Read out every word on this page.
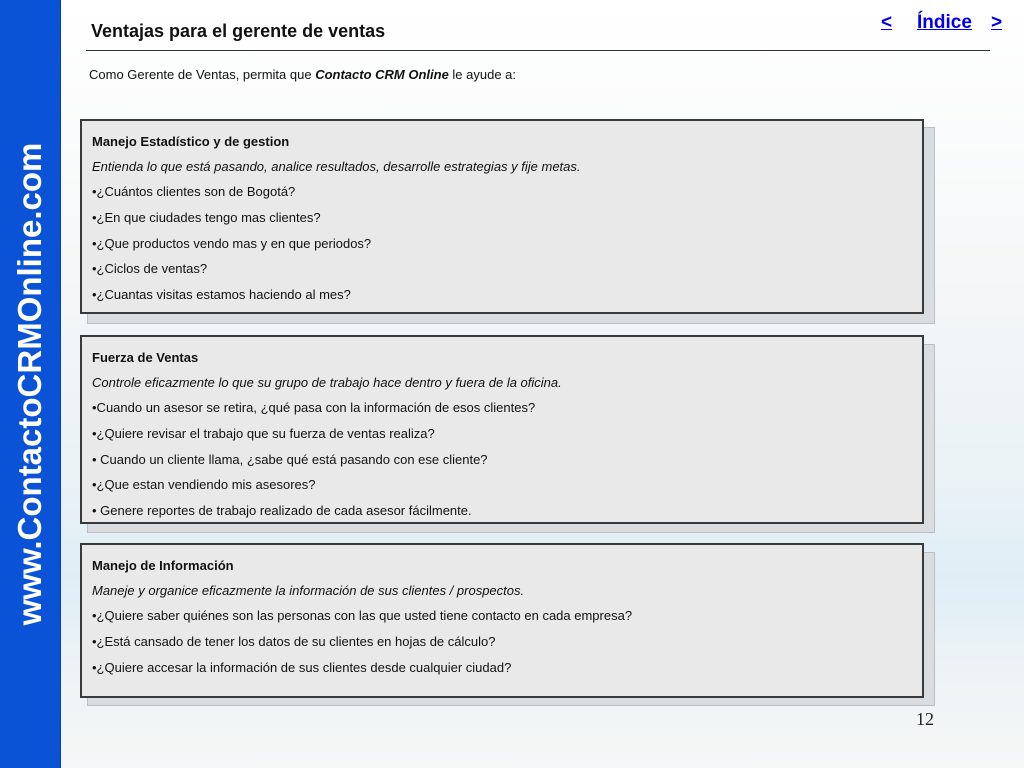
www.ContactoCRMOnline.com
Ventajas para el gerente de ventas	< Índice >
Como Gerente de Ventas, permita que Contacto CRM Online le ayude a:

Manejo Estadístico y de gestion

Entienda lo que está pasando, analice resultados, desarrolle estrategias y fije metas.

•¿Cuántos clientes son de Bogotá?
•¿En que ciudades tengo mas clientes?
•¿Que productos vendo mas y en que periodos?
•¿Ciclos de ventas?
•¿Cuantas visitas estamos haciendo al mes?

Fuerza de Ventas

Controle eficazmente lo que su grupo de trabajo hace dentro y fuera de la oficina.

•Cuando un asesor se retira, ¿qué pasa con la información de esos clientes?
•¿Quiere revisar el trabajo que su fuerza de ventas realiza?
• Cuando un cliente llama, ¿sabe qué está pasando con ese cliente?
•¿Que estan vendiendo mis asesores?
• Genere reportes de trabajo realizado de cada asesor fácilmente.

Manejo de Información

Maneje y organice eficazmente la información de sus clientes / prospectos.

•¿Quiere saber quiénes son las personas con las que usted tiene contacto en cada empresa?
•¿Está cansado de tener los datos de su clientes en hojas de cálculo?
•¿Quiere accesar la información de sus clientes desde cualquier ciudad?
12
